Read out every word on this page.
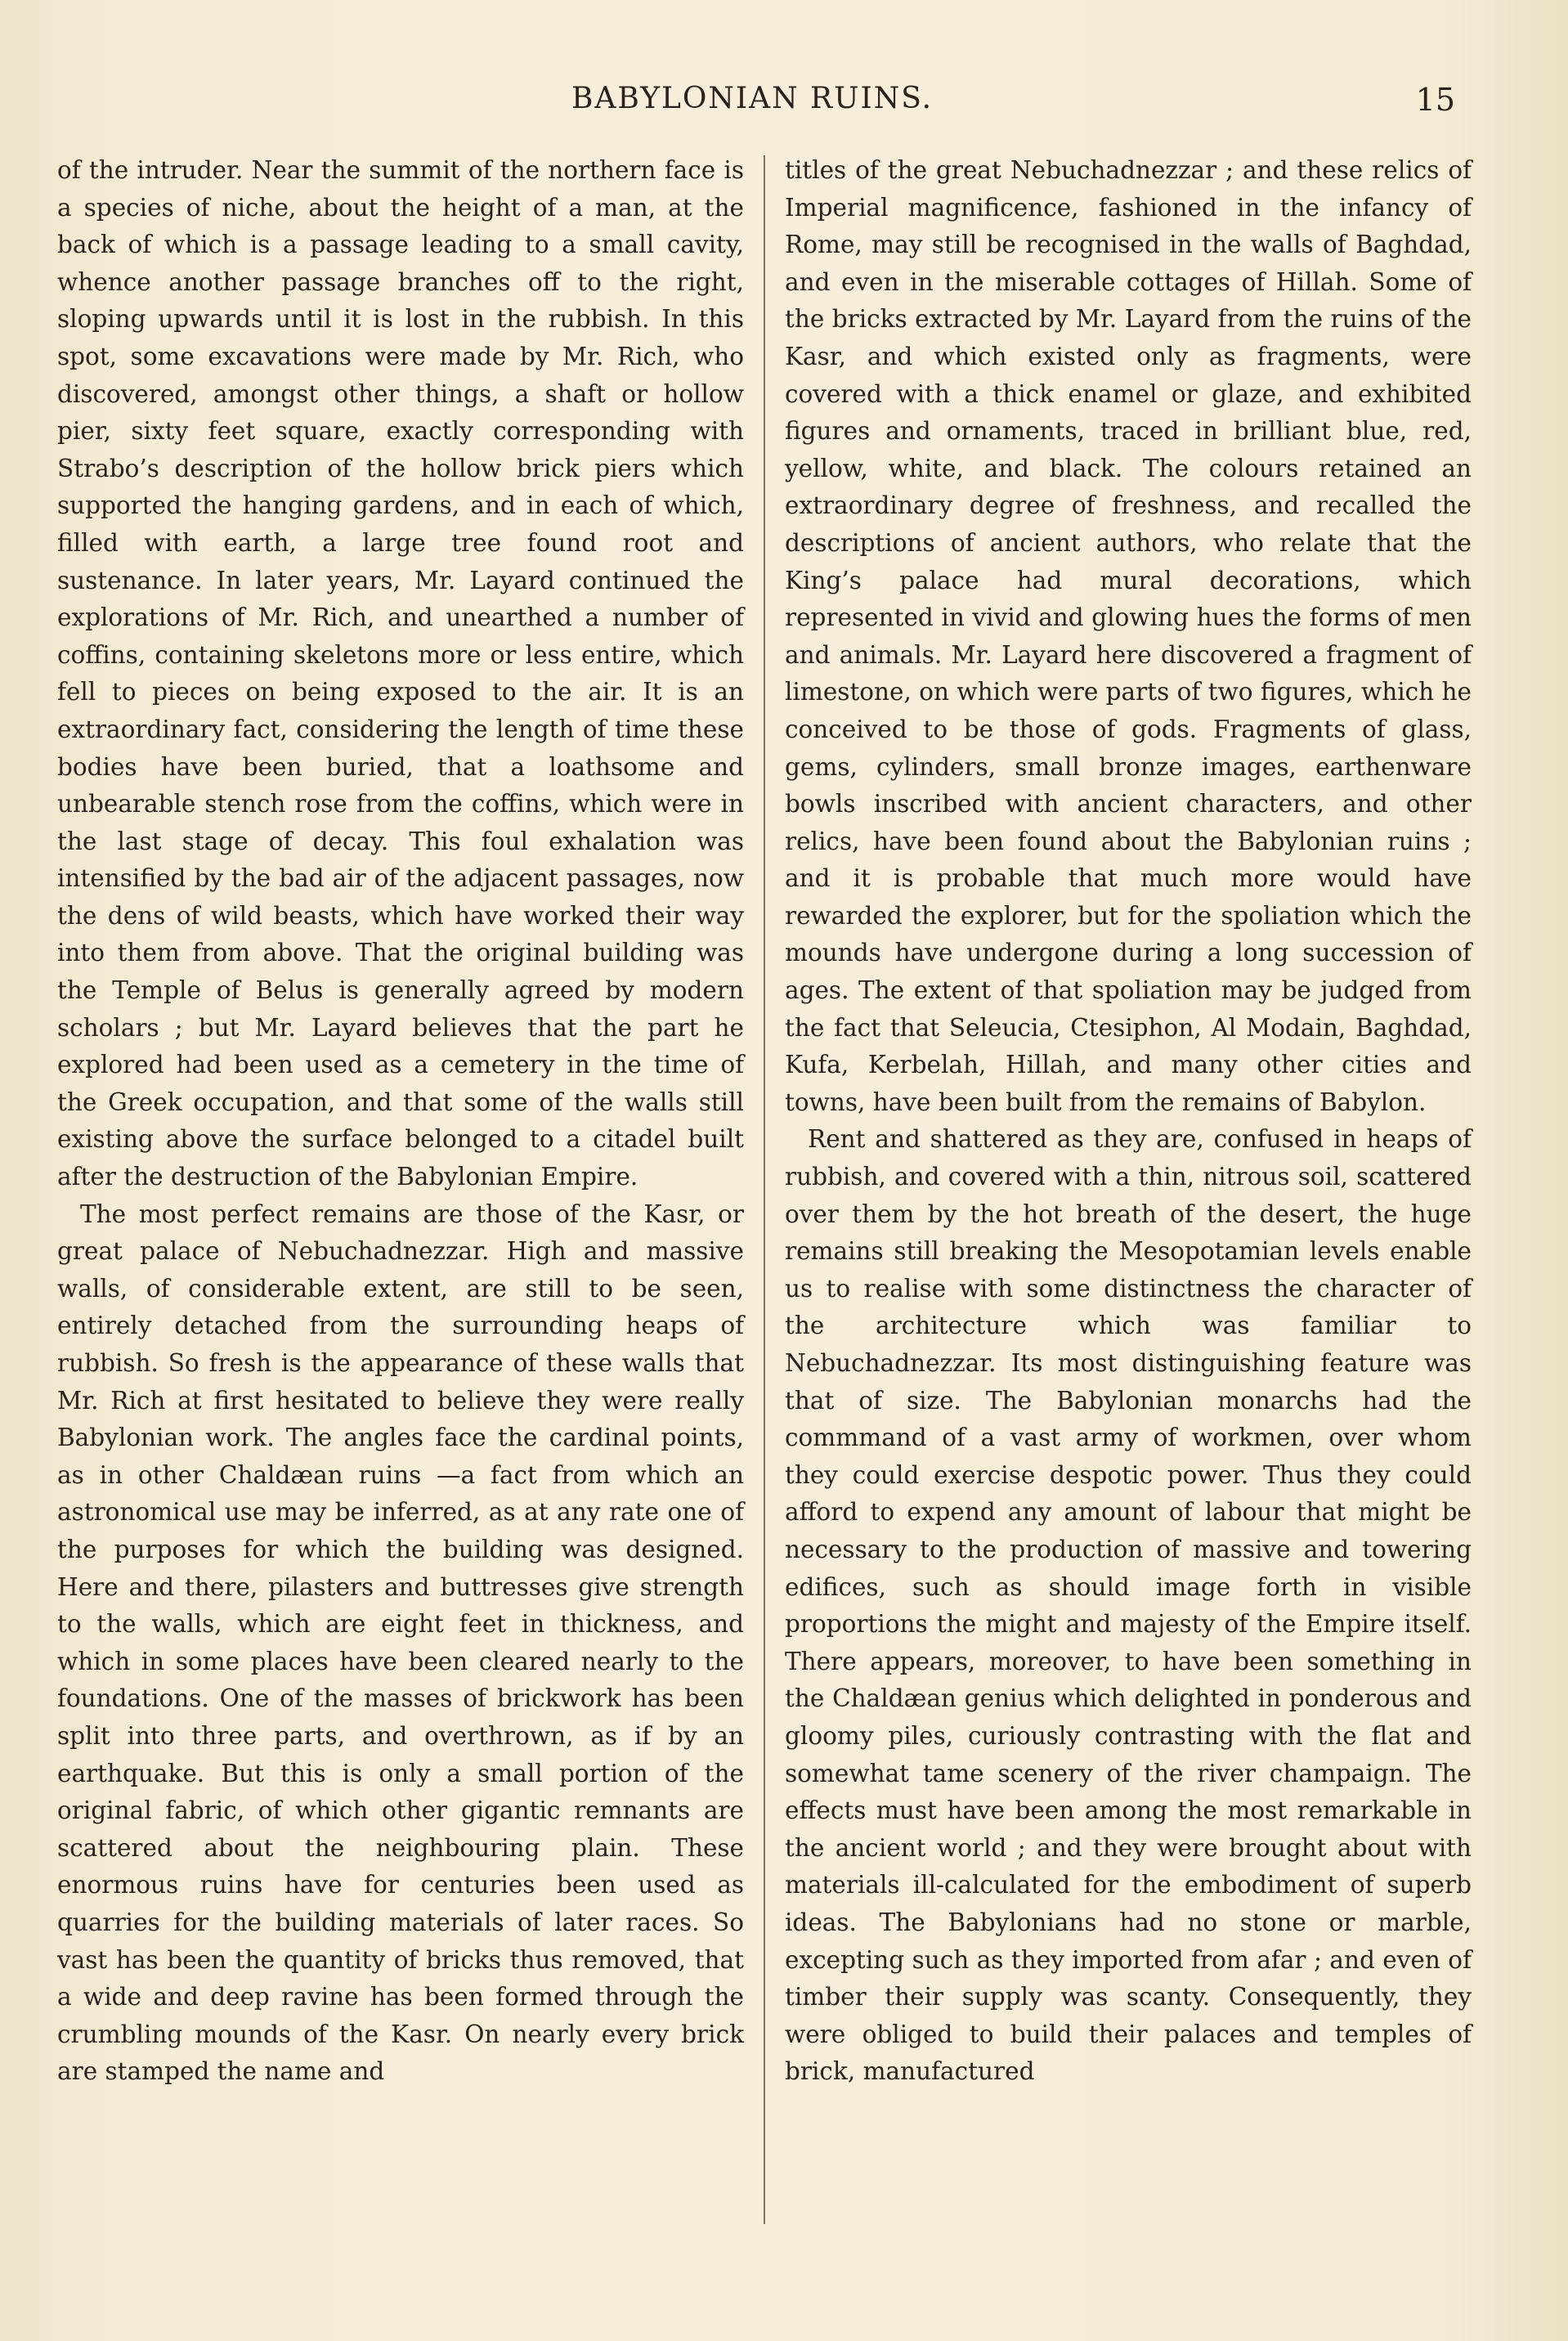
BABYLONIAN RUINS.	15

of the intruder. Near the summit of the northern face is a species of niche, about the height of a man, at the back of which is a passage leading to a small cavity, whence another passage branches off to the right, sloping upwards until it is lost in the rubbish. In this spot, some excavations were made by Mr. Rich, who discovered, amongst other things, a shaft or hollow pier, sixty feet square, exactly corresponding with Strabo’s description of the hollow brick piers which supported the hanging gardens, and in each of which, filled with earth, a large tree found root and sustenance. In later years, Mr. Layard continued the explorations of Mr. Rich, and unearthed a number of coffins, containing skeletons more or less entire, which fell to pieces on being exposed to the air. It is an extraordinary fact, considering the length of time these bodies have been buried, that a loathsome and unbearable stench rose from the coffins, which were in the last stage of decay. This foul exhalation was intensified by the bad air of the adjacent passages, now the dens of wild beasts, which have worked their way into them from above. That the original building was the Temple of Belus is generally agreed by modern scholars ; but Mr. Layard believes that the part he explored had been used as a cemetery in the time of the Greek occupation, and that some of the walls still existing above the surface belonged to a citadel built after the destruction of the Babylonian Empire.

The most perfect remains are those of the Kasr, or great palace of Nebuchadnezzar. High and massive walls, of considerable extent, are still to be seen, entirely detached from the surrounding heaps of rubbish. So fresh is the appearance of these walls that Mr. Rich at first hesitated to believe they were really Babylonian work. The angles face the cardinal points, as in other Chaldæan ruins —a fact from which an astronomical use may be inferred, as at any rate one of the purposes for which the building was designed. Here and there, pilasters and buttresses give strength to the walls, which are eight feet in thickness, and which in some places have been cleared nearly to the foundations. One of the masses of brickwork has been split into three parts, and overthrown, as if by an earthquake. But this is only a small portion of the original fabric, of which other gigantic remnants are scattered about the neighbouring plain. These enormous ruins have for centuries been used as quarries for the building materials of later races. So vast has been the quantity of bricks thus removed, that a wide and deep ravine has been formed through the crumbling mounds of the Kasr. On nearly every brick are stamped the name and

titles of the great Nebuchadnezzar ; and these relics of Imperial magnificence, fashioned in the infancy of Rome, may still be recognised in the walls of Baghdad, and even in the miserable cottages of Hillah. Some of the bricks extracted by Mr. Layard from the ruins of the Kasr, and which existed only as fragments, were covered with a thick enamel or glaze, and exhibited figures and ornaments, traced in brilliant blue, red, yellow, white, and black. The colours retained an extraordinary degree of freshness, and recalled the descriptions of ancient authors, who relate that the King’s palace had mural decorations, which represented in vivid and glowing hues the forms of men and animals. Mr. Layard here discovered a fragment of limestone, on which were parts of two figures, which he conceived to be those of gods. Fragments of glass, gems, cylinders, small bronze images, earthenware bowls inscribed with ancient characters, and other relics, have been found about the Babylonian ruins ; and it is probable that much more would have rewarded the explorer, but for the spoliation which the mounds have undergone during a long succession of ages. The extent of that spoliation may be judged from the fact that Seleucia, Ctesiphon, Al Modain, Baghdad, Kufa, Kerbelah, Hillah, and many other cities and towns, have been built from the remains of Babylon.

Rent and shattered as they are, confused in heaps of rubbish, and covered with a thin, nitrous soil, scattered over them by the hot breath of the desert, the huge remains still breaking the Mesopotamian levels enable us to realise with some distinctness the character of the architecture which was familiar to Nebuchadnezzar. Its most distinguishing feature was that of size. The Babylonian monarchs had the commmand of a vast army of workmen, over whom they could exercise despotic power. Thus they could afford to expend any amount of labour that might be necessary to the production of massive and towering edifices, such as should image forth in visible proportions the might and majesty of the Empire itself. There appears, moreover, to have been something in the Chaldæan genius which delighted in ponderous and gloomy piles, curiously contrasting with the flat and somewhat tame scenery of the river champaign. The effects must have been among the most remarkable in the ancient world ; and they were brought about with materials ill-calculated for the embodiment of superb ideas. The Babylonians had no stone or marble, excepting such as they imported from afar ; and even of timber their supply was scanty. Consequently, they were obliged to build their palaces and temples of brick, manufactured
